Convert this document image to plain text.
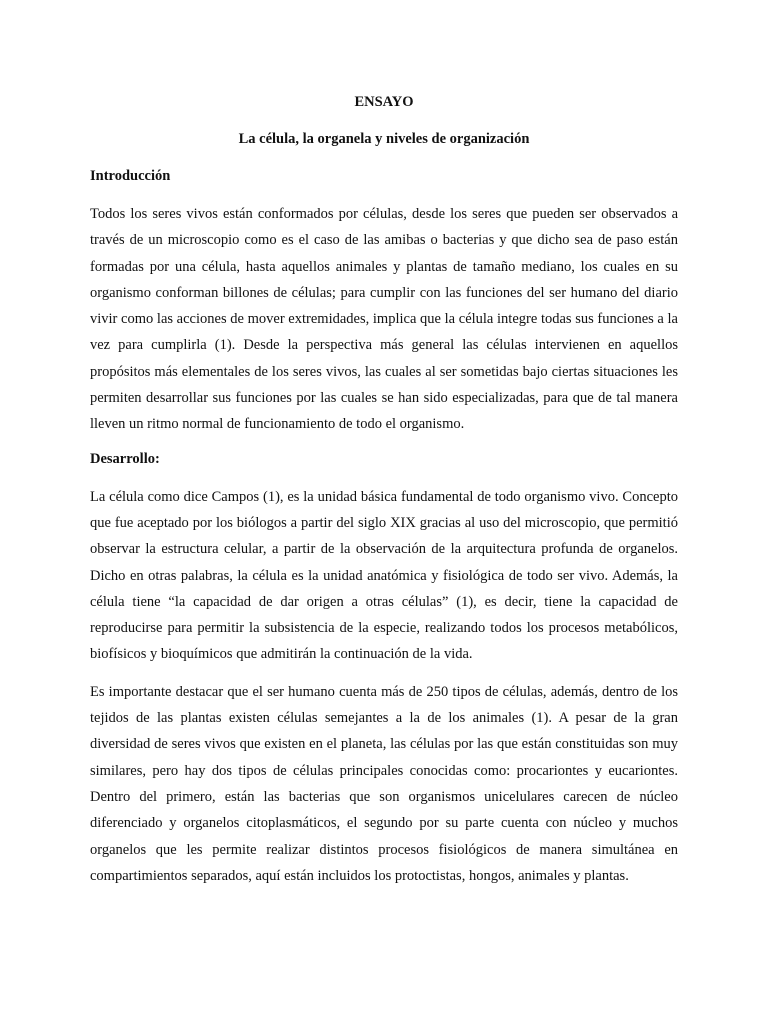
ENSAYO
La célula, la organela y niveles de organización
Introducción

Todos los seres vivos están conformados por células, desde los seres que pueden ser observados a través de un microscopio como es el caso de las amibas o bacterias y que dicho sea de paso están formadas por una célula, hasta aquellos animales y plantas de tamaño mediano, los cuales en su organismo conforman billones de células; para cumplir con las funciones del ser humano del diario vivir como las acciones de mover extremidades, implica que la célula integre todas sus funciones a la vez para cumplirla (1). Desde la perspectiva más general las células intervienen en aquellos propósitos más elementales de los seres vivos, las cuales al ser sometidas bajo ciertas situaciones les permiten desarrollar sus funciones por las cuales se han sido especializadas, para que de tal manera lleven un ritmo normal de funcionamiento de todo el organismo.

Desarrollo:

La célula como dice Campos (1), es la unidad básica fundamental de todo organismo vivo. Concepto que fue aceptado por los biólogos a partir del siglo XIX gracias al uso del microscopio, que permitió observar la estructura celular, a partir de la observación de la arquitectura profunda de organelos. Dicho en otras palabras, la célula es la unidad anatómica y fisiológica de todo ser vivo. Además, la célula tiene “la capacidad de dar origen a otras células” (1), es decir, tiene la capacidad de reproducirse para permitir la subsistencia de la especie, realizando todos los procesos metabólicos, biofísicos y bioquímicos que admitirán la continuación de la vida.

Es importante destacar que el ser humano cuenta más de 250 tipos de células, además, dentro de los tejidos de las plantas existen células semejantes a la de los animales (1). A pesar de la gran diversidad de seres vivos que existen en el planeta, las células por las que están constituidas son muy similares, pero hay dos tipos de células principales conocidas como: procariontes y eucariontes. Dentro del primero, están las bacterias que son organismos unicelulares carecen de núcleo diferenciado y organelos citoplasmáticos, el segundo por su parte cuenta con núcleo y muchos organelos que les permite realizar distintos procesos fisiológicos de manera simultánea en compartimientos separados, aquí están incluidos los protoctistas, hongos, animales y plantas.
